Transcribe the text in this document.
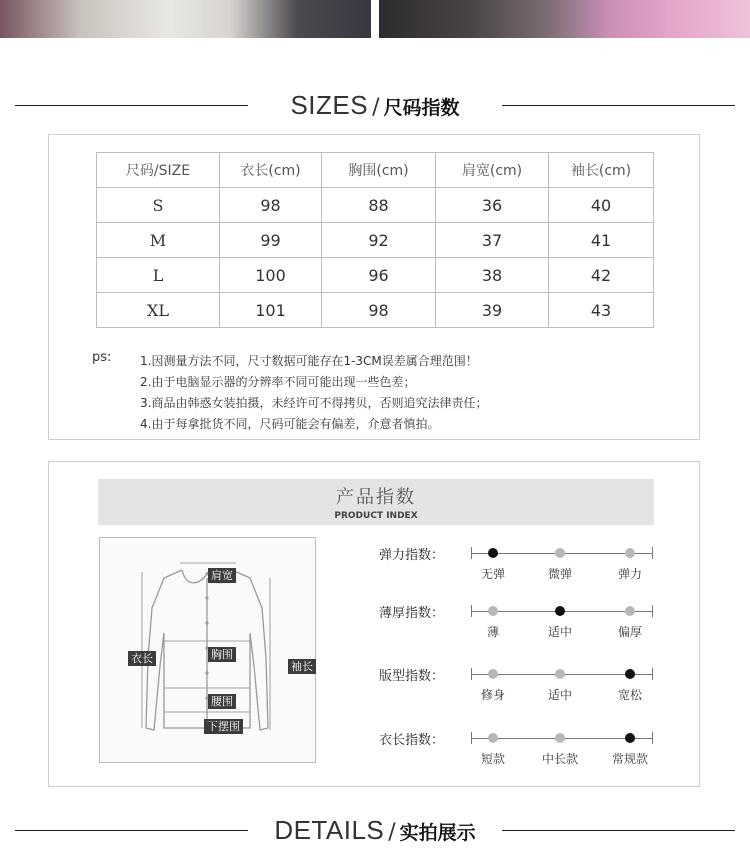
SIZES / 尺码指数
尺码/SIZE	衣长(cm)	胸围(cm)	肩宽(cm)	袖长(cm)
S	98	88	36	40
M	99	92	37	41
L	100	96	38	42
XL	101	98	39	43
ps: 1.因测量方法不同，尺寸数据可能存在1-3CM误差属合理范围！
2.由于电脑显示器的分辨率不同可能出现一些色差；
3.商品由韩惑女装拍摄，未经许可不得拷贝，否则追究法律责任；
4.由于每拿批货不同，尺码可能会有偏差，介意者慎拍。
产品指数
PRODUCT INDEX
肩宽
衣长	胸围
袖长
腰围
下摆围
弹力指数：
无弹	微弹	弹力
薄厚指数：
薄	适中	偏厚
版型指数：
修身	适中	宽松
衣长指数：
短款	中长款	常规款
DETAILS / 实拍展示
